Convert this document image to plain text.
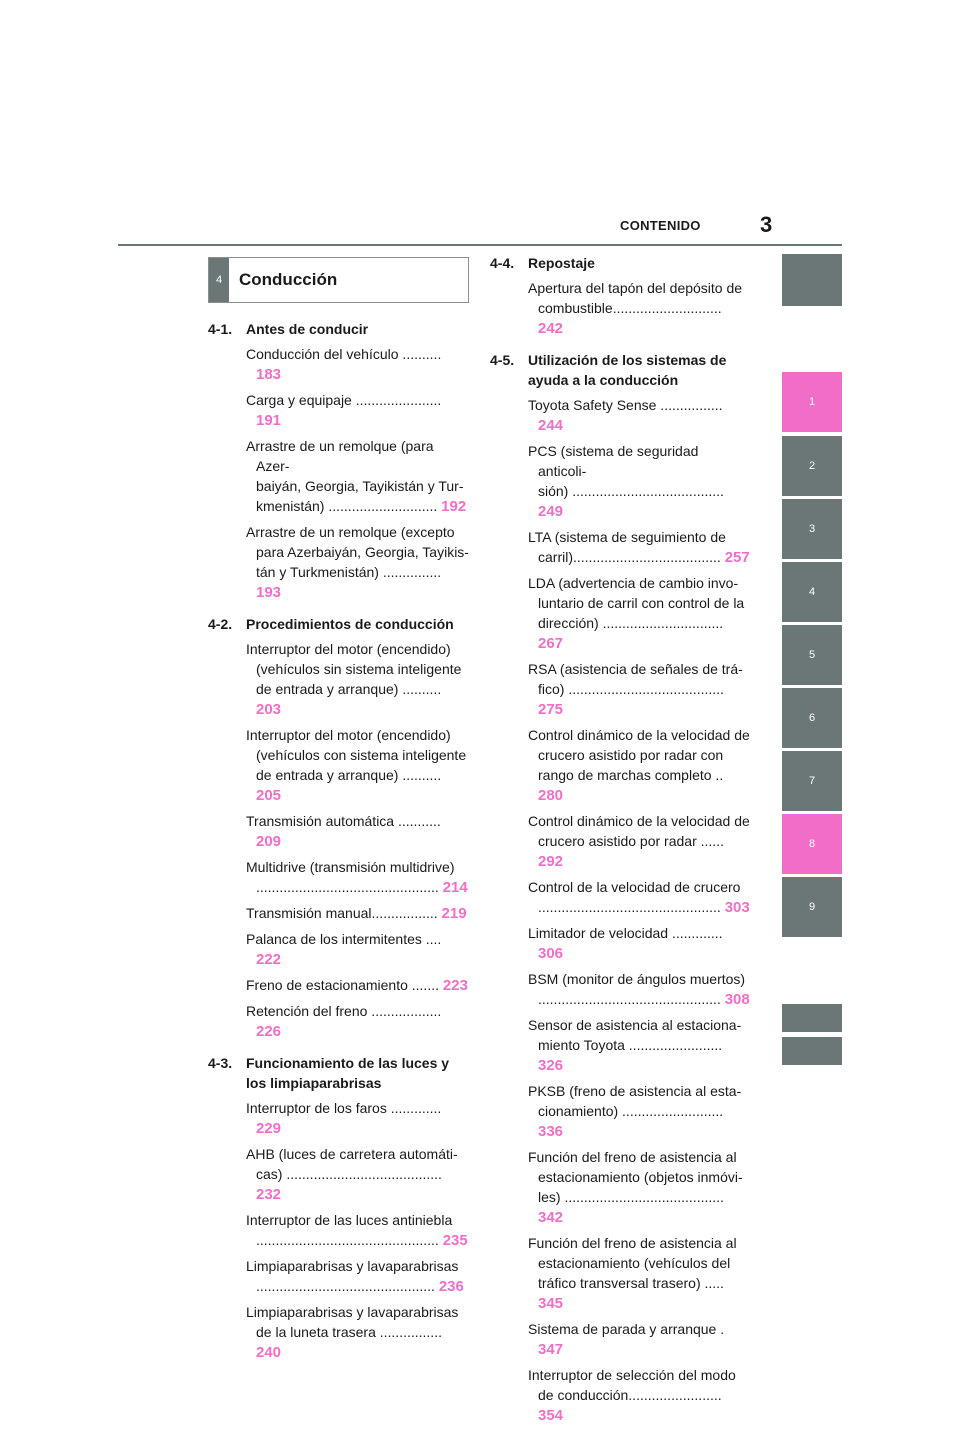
CONTENIDO	3
4 Conducción
4-1. Antes de conducir
Conducción del vehículo .......... 183
Carga y equipaje ...................... 191
Arrastre de un remolque (para Azer-
baiyán, Georgia, Tayikistán y Tur-
kmenistán) ............................ 192
Arrastre de un remolque (excepto
para Azerbaiyán, Georgia, Tayikis-
tán y Turkmenistán) ............... 193
4-2. Procedimientos de conducción
Interruptor del motor (encendido)
(vehículos sin sistema inteligente
de entrada y arranque) .......... 203
Interruptor del motor (encendido)
(vehículos con sistema inteligente
de entrada y arranque) .......... 205
Transmisión automática ........... 209
Multidrive (transmisión multidrive)
............................................... 214
Transmisión manual................. 219
Palanca de los intermitentes .... 222
Freno de estacionamiento ....... 223
Retención del freno .................. 226
4-3. Funcionamiento de las luces y los limpiaparabrisas
Interruptor de los faros ............. 229
AHB (luces de carretera automáti-
cas) ........................................ 232
Interruptor de las luces antiniebla
............................................... 235
Limpiaparabrisas y lavaparabrisas
.............................................. 236
Limpiaparabrisas y lavaparabrisas
de la luneta trasera ................ 240
4-4. Repostaje
Apertura del tapón del depósito de
combustible............................ 242
4-5. Utilización de los sistemas de ayuda a la conducción
Toyota Safety Sense ................ 244
PCS (sistema de seguridad anticoli-
sión) ....................................... 249
LTA (sistema de seguimiento de
carril)...................................... 257
LDA (advertencia de cambio invo-
luntario de carril con control de la
dirección) ............................... 267
RSA (asistencia de señales de trá-
fico) ........................................ 275
Control dinámico de la velocidad de
crucero asistido por radar con
rango de marchas completo .. 280
Control dinámico de la velocidad de
crucero asistido por radar ...... 292
Control de la velocidad de crucero
............................................... 303
Limitador de velocidad ............. 306
BSM (monitor de ángulos muertos)
............................................... 308
Sensor de asistencia al estaciona-
miento Toyota ........................ 326
PKSB (freno de asistencia al esta-
cionamiento) .......................... 336
Función del freno de asistencia al
estacionamiento (objetos inmóvi-
les) ......................................... 342
Función del freno de asistencia al
estacionamiento (vehículos del
tráfico transversal trasero) ..... 345
Sistema de parada y arranque . 347
Interruptor de selección del modo
de conducción........................ 354
1
2
3
4
5
6
7
8
9
